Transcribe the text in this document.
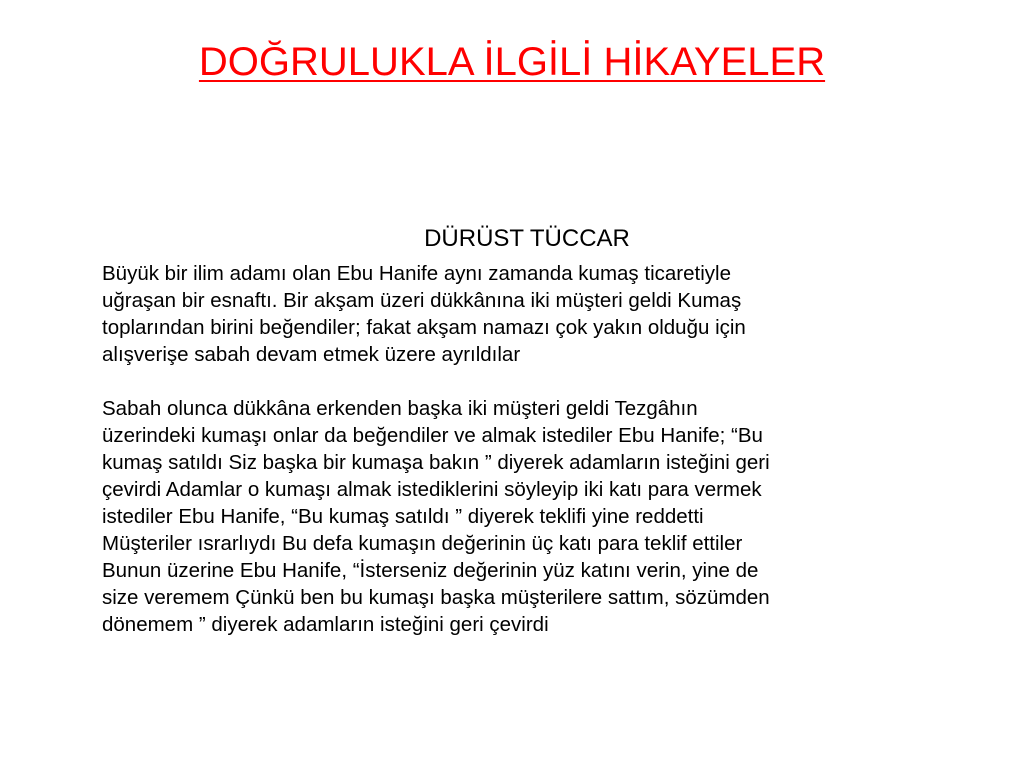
DOĞRULUKLA İLGİLİ HİKAYELER
DÜRÜST TÜCCAR

Büyük bir ilim adamı olan Ebu Hanife aynı zamanda kumaş ticaretiyle
uğraşan bir esnaftı. Bir akşam üzeri dükkânına iki müşteri geldi Kumaş
toplarından birini beğendiler; fakat akşam namazı çok yakın olduğu için
alışverişe sabah devam etmek üzere ayrıldılar

Sabah olunca dükkâna erkenden başka iki müşteri geldi Tezgâhın
üzerindeki kumaşı onlar da beğendiler ve almak istediler Ebu Hanife; “Bu
kumaş satıldı Siz başka bir kumaşa bakın ” diyerek adamların isteğini geri
çevirdi Adamlar o kumaşı almak istediklerini söyleyip iki katı para vermek
istediler Ebu Hanife, “Bu kumaş satıldı ” diyerek teklifi yine reddetti
Müşteriler ısrarlıydı Bu defa kumaşın değerinin üç katı para teklif ettiler
Bunun üzerine Ebu Hanife, “İsterseniz değerinin yüz katını verin, yine de
size veremem Çünkü ben bu kumaşı başka müşterilere sattım, sözümden
dönemem ” diyerek adamların isteğini geri çevirdi
